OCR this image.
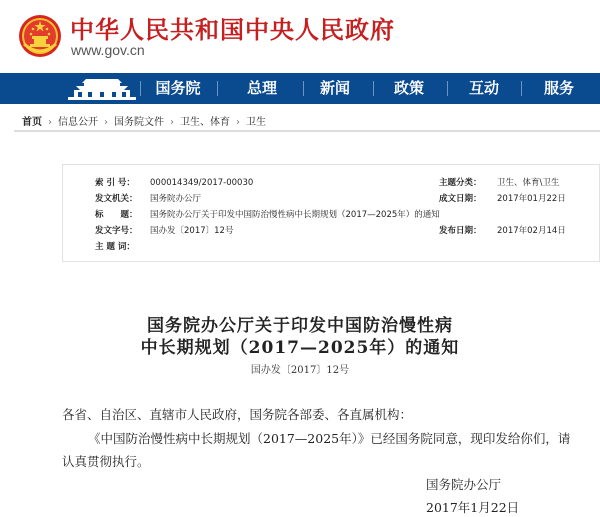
中华人民共和国中央人民政府
www.gov.cn
国务院	总理	新闻	政策	互动	服务
首页 › 信息公开 › 国务院文件 › 卫生、体育 › 卫生
索 引 号： 000014349/2017-00030	主题分类： 卫生、体育\卫生
发文机关： 国务院办公厅	成文日期： 2017年01月22日
标　　题： 国务院办公厅关于印发中国防治慢性病中长期规划（2017—2025年）的通知
发文字号： 国办发〔2017〕12号	发布日期： 2017年02月14日
主 题 词：
国务院办公厅关于印发中国防治慢性病
中长期规划（2017—2025年）的通知
国办发〔2017〕12号
各省、自治区、直辖市人民政府，国务院各部委、各直属机构：
《中国防治慢性病中长期规划（2017—2025年）》已经国务院同意，现印发给你们，请
认真贯彻执行。
国务院办公厅
2017年1月22日
